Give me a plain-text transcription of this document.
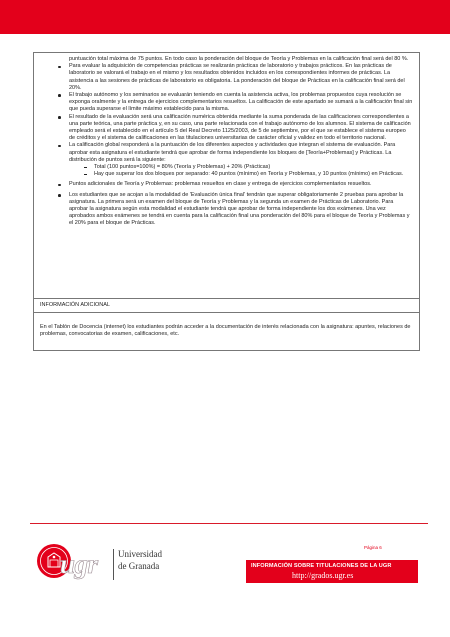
puntuación total máxima de 75 puntos. En todo caso la ponderación del bloque de Teoría y Problemas en la calificación final será del 80 %.

Para evaluar la adquisición de competencias prácticas se realizarán prácticas de laboratorio y trabajos prácticos. En las prácticas de laboratorio se valorará el trabajo en el mismo y los resultados obtenidos incluidos en los correspondientes informes de prácticas. La asistencia a las sesiones de prácticas de laboratorio es obligatoria. La ponderación del bloque de Prácticas en la calificación final será del 20%.
El trabajo autónomo y los seminarios se evaluarán teniendo en cuenta la asistencia activa, los problemas propuestos cuya resolución se exponga oralmente y la entrega de ejercicios complementarios resueltos. La calificación de este apartado se sumará a la calificación final sin que pueda superarse el límite máximo establecido para la misma.
El resultado de la evaluación será una calificación numérica obtenida mediante la suma ponderada de las calificaciones correspondientes a una parte teórica, una parte práctica y, en su caso, una parte relacionada con el trabajo autónomo de los alumnos. El sistema de calificación empleado será el establecido en el artículo 5 del Real Decreto 1125/2003, de 5 de septiembre, por el que se establece el sistema europeo de créditos y el sistema de calificaciones en las titulaciones universitarias de carácter oficial y validez en todo el territorio nacional.
La calificación global responderá a la puntuación de los diferentes aspectos y actividades que integran el sistema de evaluación. Para aprobar esta asignatura el estudiante tendrá que aprobar de forma independiente los bloques de [Teoría+Problemas] y Prácticas. La distribución de puntos será la siguiente:
Total (100 puntos=100%) = 80% (Teoría y Problemas) + 20% (Prácticas)
Hay que superar los dos bloques por separado: 40 puntos (mínimo) en Teoría y Problemas, y 10 puntos (mínimo) en Prácticas.
Puntos adicionales de Teoría y Problemas: problemas resueltos en clase y entrega de ejercicios complementarios resueltos.
Los estudiantes que se acojan a la modalidad de 'Evaluación única final' tendrán que superar obligatoriamente 2 pruebas para aprobar la asignatura. La primera será un examen del bloque de Teoría y Problemas y la segunda un examen de Prácticas de Laboratorio. Para aprobar la asignatura según esta modalidad el estudiante tendrá que aprobar de forma independiente los dos exámenes. Una vez aprobados ambos exámenes se tendrá en cuenta para la calificación final una ponderación del 80% para el bloque de Teoría y Problemas y el 20% para el bloque de Prácticas.
INFORMACIÓN ADICIONAL
En el Tablón de Docencia (internet) los estudiantes podrán acceder a la documentación de interés relacionada con la asignatura: apuntes, relaciones de problemas, convocatorias de examen, calificaciones, etc.
Página 6
ugr Universidad
de Granada	INFORMACIÓN SOBRE TITULACIONES DE LA UGR
http://grados.ugr.es
